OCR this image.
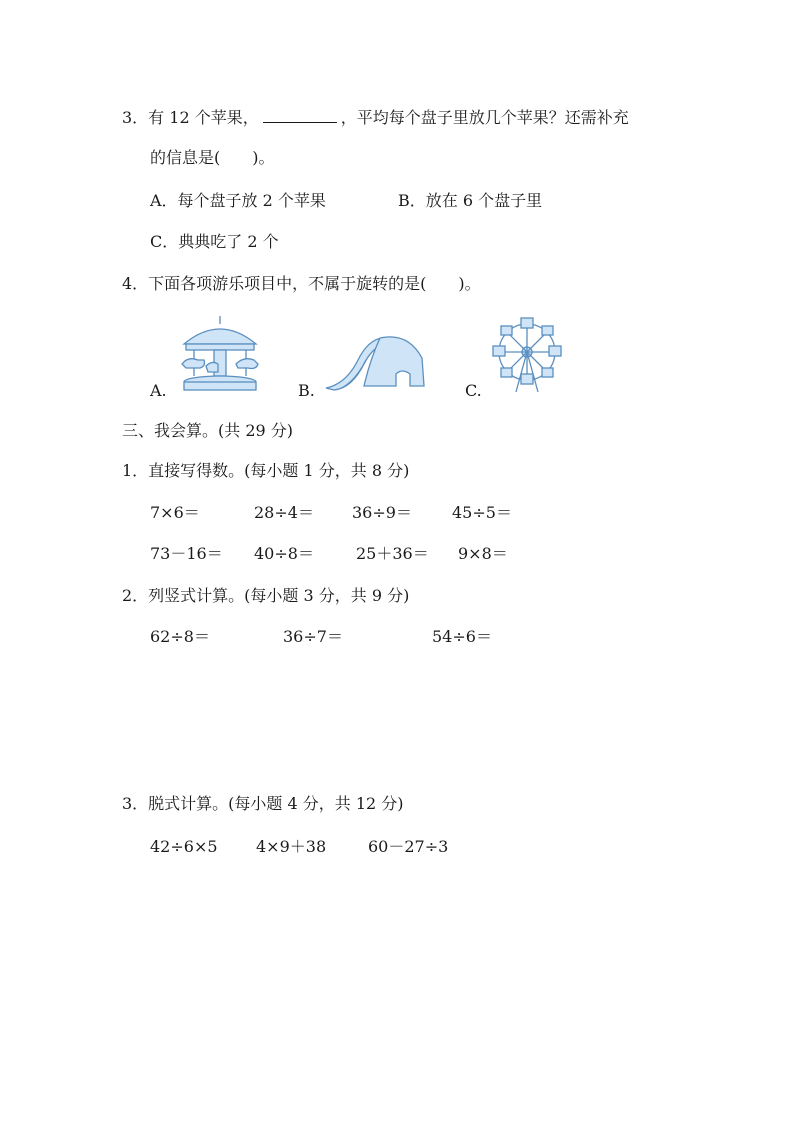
3．有 12 个苹果，	，平均每个盘子里放几个苹果？还需补充
的信息是(　　)。
A．每个盘子放 2 个苹果	B．放在 6 个盘子里
C．典典吃了 2 个
4．下面各项游乐项目中，不属于旋转的是(　　)。
A.	B.	C.
三、我会算。(共 29 分)
1．直接写得数。(每小题 1 分，共 8 分)
7×6＝	28÷4＝ 36÷9＝	45÷5＝
73－16＝ 40÷8＝	25＋36＝ 9×8＝
2．列竖式计算。(每小题 3 分，共 9 分)
62÷8＝	36÷7＝	54÷6＝
3．脱式计算。(每小题 4 分，共 12 分)
42÷6×5 4×9＋38	60－27÷3
